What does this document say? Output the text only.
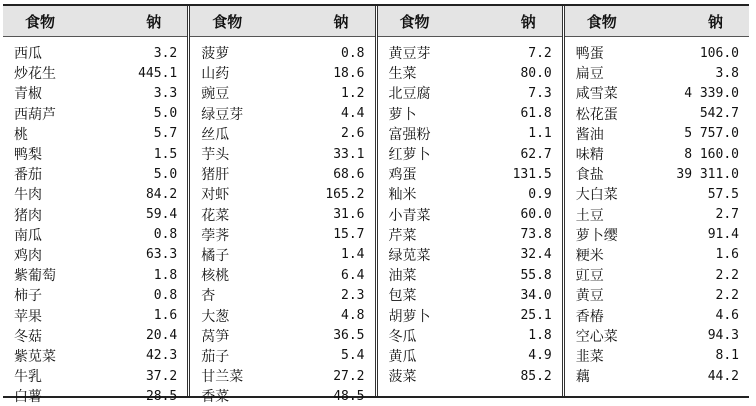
食物	钠
西瓜	3.2
炒花生	445.1
青椒	3.3
西葫芦	5.0
桃	5.7
鸭梨	1.5
番茄	5.0
牛肉	84.2
猪肉	59.4
南瓜	0.8
鸡肉	63.3
紫葡萄	1.8
柿子	0.8
苹果	1.6
冬菇	20.4
紫苋菜	42.3
牛乳	37.2
白薯	28.5
食物	钠
菠萝	0.8
山药	18.6
豌豆	1.2
绿豆芽	4.4
丝瓜	2.6
芋头	33.1
猪肝	68.6
对虾	165.2
花菜	31.6
荸荠	15.7
橘子	1.4
核桃	6.4
杏	2.3
大葱	4.8
莴笋	36.5
茄子	5.4
甘兰菜	27.2
香菜	48.5
食物	钠
黄豆芽	7.2
生菜	80.0
北豆腐	7.3
萝卜	61.8
富强粉	1.1
红萝卜	62.7
鸡蛋	131.5
籼米	0.9
小青菜	60.0
芹菜	73.8
绿苋菜	32.4
油菜	55.8
包菜	34.0
胡萝卜	25.1
冬瓜	1.8
黄瓜	4.9
菠菜	85.2
食物	钠
鸭蛋	106.0
扁豆	3.8
咸雪菜	4 339.0
松花蛋	542.7
酱油	5 757.0
味精	8 160.0
食盐	39 311.0
大白菜	57.5
土豆	2.7
萝卜缨	91.4
粳米	1.6
豇豆	2.2
黄豆	2.2
香椿	4.6
空心菜	94.3
韭菜	8.1
藕	44.2
